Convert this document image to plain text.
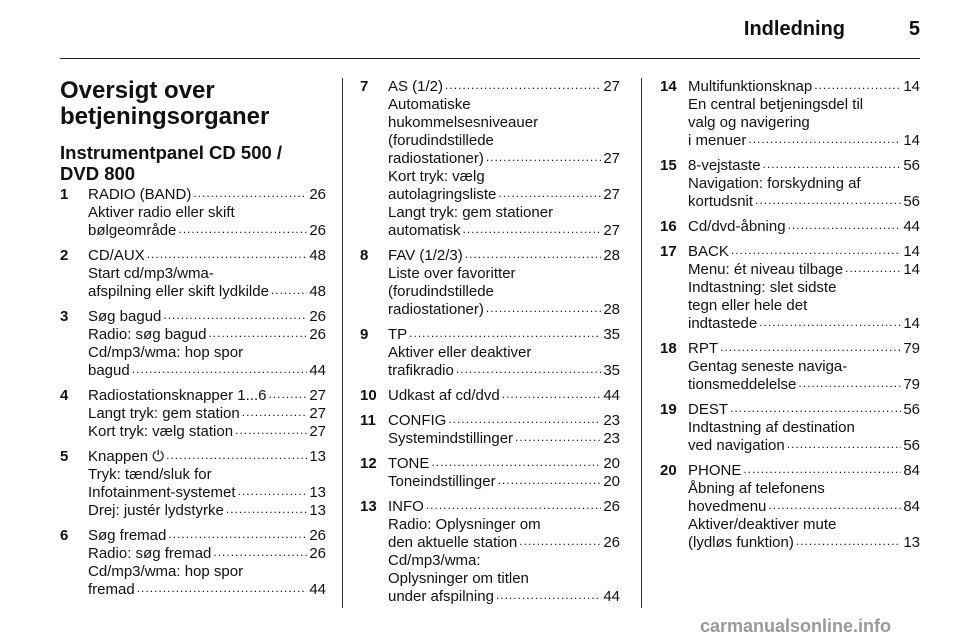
Indledning	5
Oversigt over
betjeningsorganer
Instrumentpanel CD 500 /
DVD 800
1	RADIO (BAND) .....	26
Aktiver radio eller skift
bølgeområde .....	26
2	CD/AUX .....	48
Start cd/mp3/wma-
afspilning eller skift lydkilde .....	48
3	Søg bagud .....	26
Radio: søg bagud .....	26
Cd/mp3/wma: hop spor
bagud .....	44
4	Radiostationsknapper 1...6 .....	27
Langt tryk: gem station .....	27
Kort tryk: vælg station .....	27
5	Knappen ⏻ .....	13
Tryk: tænd/sluk for
Infotainment-systemet .....	13
Drej: justér lydstyrke .....	13
6	Søg fremad .....	26
Radio: søg fremad .....	26
Cd/mp3/wma: hop spor
fremad .....	44
7	AS (1/2) .....	27
Automatiske
hukommelsesniveauer
(forudindstillede
radiostationer) .....	27
Kort tryk: vælg
autolagringsliste .....	27
Langt tryk: gem stationer
automatisk .....	27
8	FAV (1/2/3) .....	28
Liste over favoritter
(forudindstillede
radiostationer) .....	28
9	TP .....	35
Aktiver eller deaktiver
trafikradio .....	35
10 Udkast af cd/dvd .....	44
11 CONFIG .....	23
Systemindstillinger .....	23
12 TONE .....	20
Toneindstillinger .....	20
13 INFO .....	26
Radio: Oplysninger om
den aktuelle station .....	26
Cd/mp3/wma:
Oplysninger om titlen
under afspilning .....	44
14 Multifunktionsknap .....	14
En central betjeningsdel til
valg og navigering
i menuer .....	14
15 8-vejstaste .....	56
Navigation: forskydning af
kortudsnit .....	56
16 Cd/dvd-åbning .....	44
17 BACK .....	14
Menu: ét niveau tilbage .....	14
Indtastning: slet sidste
tegn eller hele det
indtastede .....	14
18 RPT .....	79
Gentag seneste naviga-
tionsmeddelelse .....	79
19 DEST .....	56
Indtastning af destination
ved navigation .....	56
20 PHONE .....	84
Åbning af telefonens
hovedmenu .....	84
Aktiver/deaktiver mute
(lydløs funktion) .....	13
carmanualsonline.info
